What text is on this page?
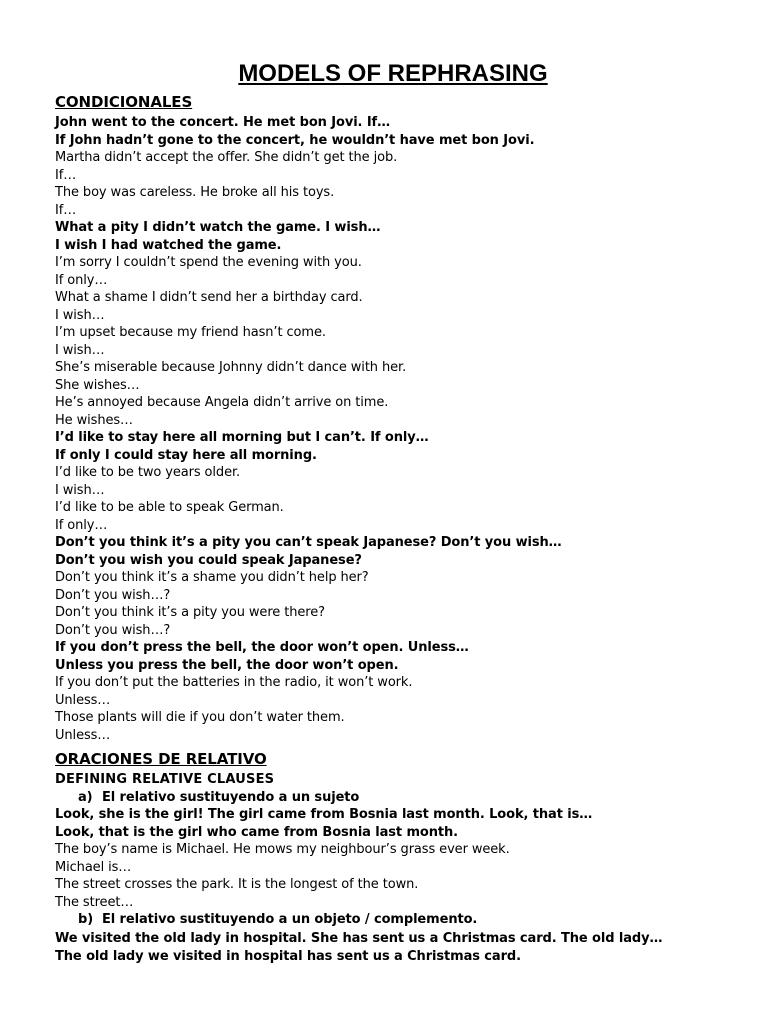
MODELS OF REPHRASING
CONDICIONALES
John went to the concert. He met bon Jovi. If…
If John hadn’t gone to the concert, he wouldn’t have met bon Jovi.
Martha didn’t accept the offer. She didn’t get the job.
If…
The boy was careless. He broke all his toys.
If…
What a pity I didn’t watch the game. I wish…
I wish I had watched the game.
I’m sorry I couldn’t spend the evening with you.
If only…
What a shame I didn’t send her a birthday card.
I wish…
I’m upset because my friend hasn’t come.
I wish…
She’s miserable because Johnny didn’t dance with her.
She wishes…
He’s annoyed because Angela didn’t arrive on time.
He wishes…
I’d like to stay here all morning but I can’t. If only…
If only I could stay here all morning.
I’d like to be two years older.
I wish…
I’d like to be able to speak German.
If only…
Don’t you think it’s a pity you can’t speak Japanese? Don’t you wish…
Don’t you wish you could speak Japanese?
Don’t you think it’s a shame you didn’t help her?
Don’t you wish…?
Don’t you think it’s a pity you were there?
Don’t you wish…?
If you don’t press the bell, the door won’t open. Unless…
Unless you press the bell, the door won’t open.
If you don’t put the batteries in the radio, it won’t work.
Unless…
Those plants will die if you don’t water them.
Unless…
ORACIONES DE RELATIVO
DEFINING RELATIVE CLAUSES
a) El relativo sustituyendo a un sujeto
Look, she is the girl! The girl came from Bosnia last month. Look, that is…
Look, that is the girl who came from Bosnia last month.
The boy’s name is Michael. He mows my neighbour’s grass ever week.
Michael is…
The street crosses the park. It is the longest of the town.
The street…
b) El relativo sustituyendo a un objeto / complemento.
We visited the old lady in hospital. She has sent us a Christmas card. The old lady…
The old lady we visited in hospital has sent us a Christmas card.
